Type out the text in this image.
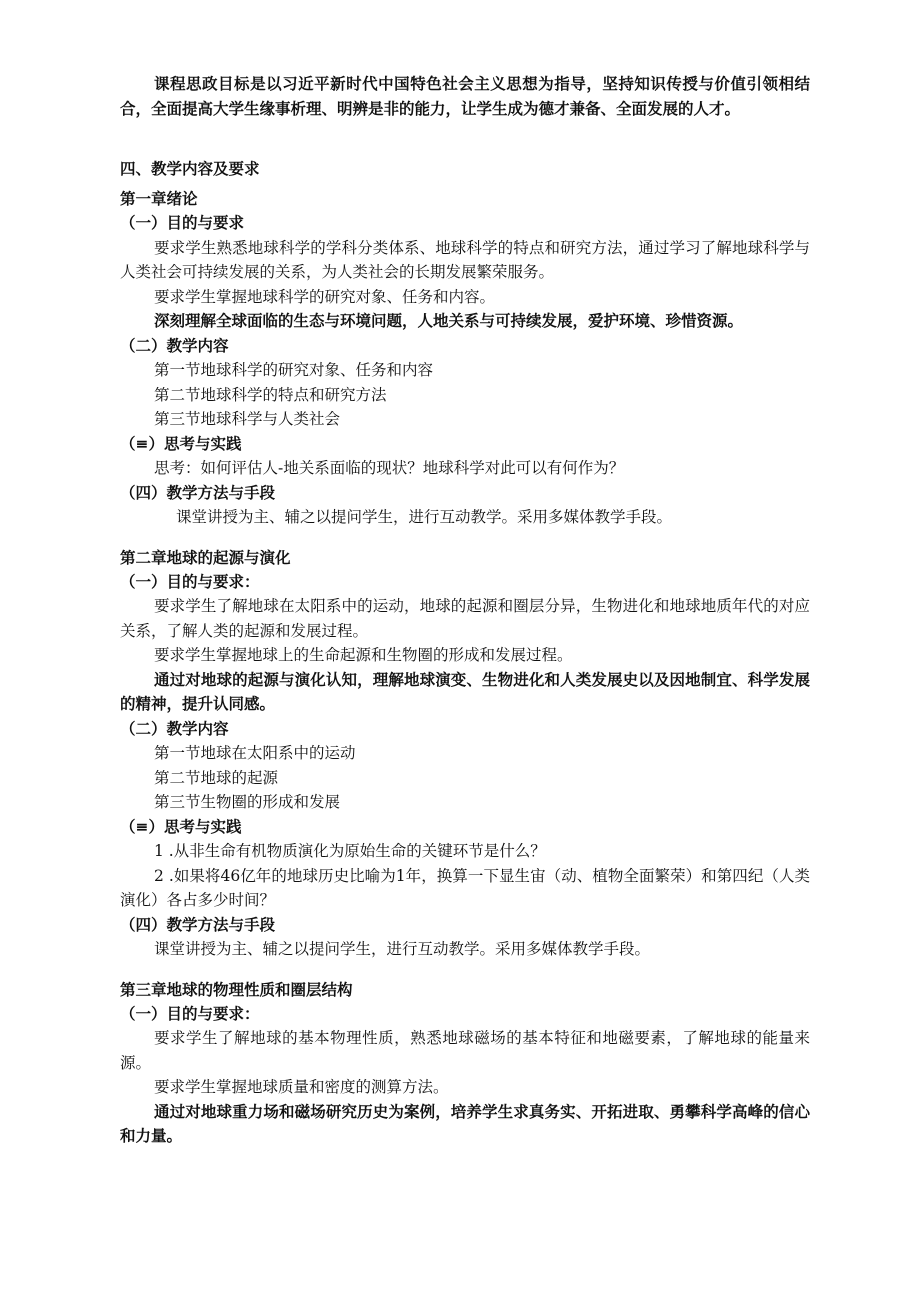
课程思政目标是以习近平新时代中国特色社会主义思想为指导，坚持知识传授与价值引领相结合，全面提高大学生缘事析理、明辨是非的能力，让学生成为德才兼备、全面发展的人才。

四、教学内容及要求

第一章绪论

（一）目的与要求

要求学生熟悉地球科学的学科分类体系、地球科学的特点和研究方法，通过学习了解地球科学与人类社会可持续发展的关系，为人类社会的长期发展繁荣服务。

要求学生掌握地球科学的研究对象、任务和内容。

深刻理解全球面临的生态与环境问题，人地关系与可持续发展，爱护环境、珍惜资源。

（二）教学内容

第一节地球科学的研究对象、任务和内容

第二节地球科学的特点和研究方法

第三节地球科学与人类社会

（≡）思考与实践

思考：如何评估人-地关系面临的现状？地球科学对此可以有何作为？

（四）教学方法与手段

课堂讲授为主、辅之以提问学生，进行互动教学。采用多媒体教学手段。

第二章地球的起源与演化

（一）目的与要求：

要求学生了解地球在太阳系中的运动，地球的起源和圈层分异，生物进化和地球地质年代的对应关系，了解人类的起源和发展过程。

要求学生掌握地球上的生命起源和生物圈的形成和发展过程。

通过对地球的起源与演化认知，理解地球演变、生物进化和人类发展史以及因地制宜、科学发展的精神，提升认同感。

（二）教学内容

第一节地球在太阳系中的运动

第二节地球的起源

第三节生物圈的形成和发展

（≡）思考与实践

1 .从非生命有机物质演化为原始生命的关键环节是什么？

2 .如果将46亿年的地球历史比喻为1年，换算一下显生宙（动、植物全面繁荣）和第四纪（人类演化）各占多少时间？

（四）教学方法与手段

课堂讲授为主、辅之以提问学生，进行互动教学。采用多媒体教学手段。

第三章地球的物理性质和圈层结构

（一）目的与要求：

要求学生了解地球的基本物理性质，熟悉地球磁场的基本特征和地磁要素，了解地球的能量来源。

要求学生掌握地球质量和密度的测算方法。

通过对地球重力场和磁场研究历史为案例，培养学生求真务实、开拓进取、勇攀科学高峰的信心和力量。
